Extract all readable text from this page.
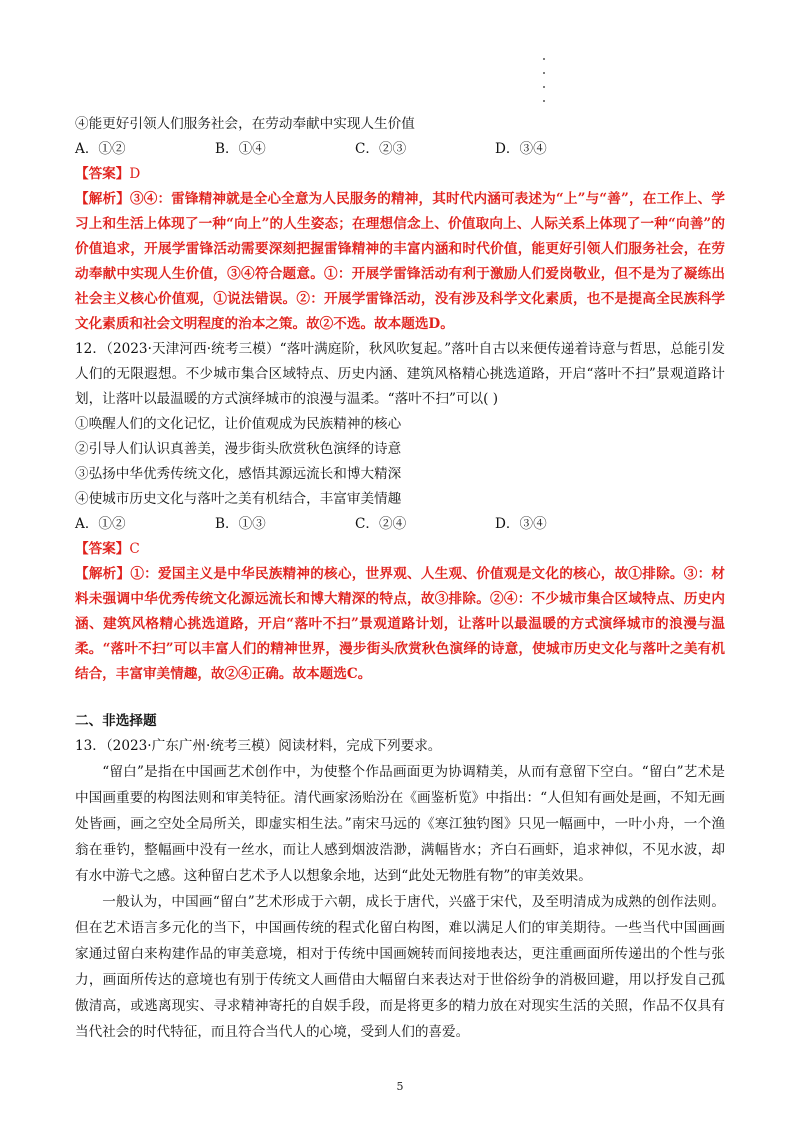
④能更好引领人们服务社会，在劳动奉献中实现人生价值
A．①②	B．①④	C．②③	D．③④
【答案】D
【解析】③④：雷锋精神就是全心全意为人民服务的精神，其时代内涵可表述为“上”与“善”，在工作上、学习上和生活上体现了一种“向上”的人生姿态；在理想信念上、价值取向上、人际关系上体现了一种“向善”的价值追求，开展学雷锋活动需要深刻把握雷锋精神的丰富内涵和时代价值，能更好引领人们服务社会，在劳动奉献中实现人生价值，③④符合题意。①：开展学雷锋活动有利于激励人们爱岗敬业，但不是为了凝练出社会主义核心价值观，①说法错误。②：开展学雷锋活动，没有涉及科学文化素质，也不是提高全民族科学文化素质和社会文明程度的治本之策。故②不选。故本题选D。
12．（2023·天津河西·统考三模）“落叶满庭阶，秋风吹复起。”落叶自古以来便传递着诗意与哲思，总能引发人们的无限遐想。不少城市集合区域特点、历史内涵、建筑风格精心挑选道路，开启“落叶不扫”景观道路计划，让落叶以最温暖的方式演绎城市的浪漫与温柔。“落叶不扫”可以( )
①唤醒人们的文化记忆，让价值观成为民族精神的核心
②引导人们认识真善美，漫步街头欣赏秋色演绎的诗意
③弘扬中华优秀传统文化，感悟其源远流长和博大精深
④使城市历史文化与落叶之美有机结合，丰富审美情趣
A．①②	B．①③	C．②④	D．③④
【答案】C
【解析】①：爱国主义是中华民族精神的核心，世界观、人生观、价值观是文化的核心，故①排除。③：材料未强调中华优秀传统文化源远流长和博大精深的特点，故③排除。②④：不少城市集合区域特点、历史内涵、建筑风格精心挑选道路，开启“落叶不扫”景观道路计划，让落叶以最温暖的方式演绎城市的浪漫与温柔。“落叶不扫”可以丰富人们的精神世界，漫步街头欣赏秋色演绎的诗意，使城市历史文化与落叶之美有机结合，丰富审美情趣，故②④正确。故本题选C。
二、非选择题
13．（2023·广东广州·统考三模）阅读材料，完成下列要求。
“留白”是指在中国画艺术创作中，为使整个作品画面更为协调精美，从而有意留下空白。“留白”艺术是中国画重要的构图法则和审美特征。清代画家汤贻汾在《画鉴析览》中指出：“人但知有画处是画，不知无画处皆画，画之空处全局所关，即虚实相生法。”南宋马远的《寒江独钓图》只见一幅画中，一叶小舟，一个渔翁在垂钓，整幅画中没有一丝水，而让人感到烟波浩渺，满幅皆水；齐白石画虾，追求神似，不见水波，却有水中游弋之感。这种留白艺术予人以想象余地，达到“此处无物胜有物”的审美效果。
一般认为，中国画“留白”艺术形成于六朝，成长于唐代，兴盛于宋代，及至明清成为成熟的创作法则。但在艺术语言多元化的当下，中国画传统的程式化留白构图，难以满足人们的审美期待。一些当代中国画画家通过留白来构建作品的审美意境，相对于传统中国画婉转而间接地表达，更注重画面所传递出的个性与张力，画面所传达的意境也有别于传统文人画借由大幅留白来表达对于世俗纷争的消极回避，用以抒发自己孤傲清高，或逃离现实、寻求精神寄托的自娱手段，而是将更多的精力放在对现实生活的关照，作品不仅具有当代社会的时代特征，而且符合当代人的心境，受到人们的喜爱。
5
